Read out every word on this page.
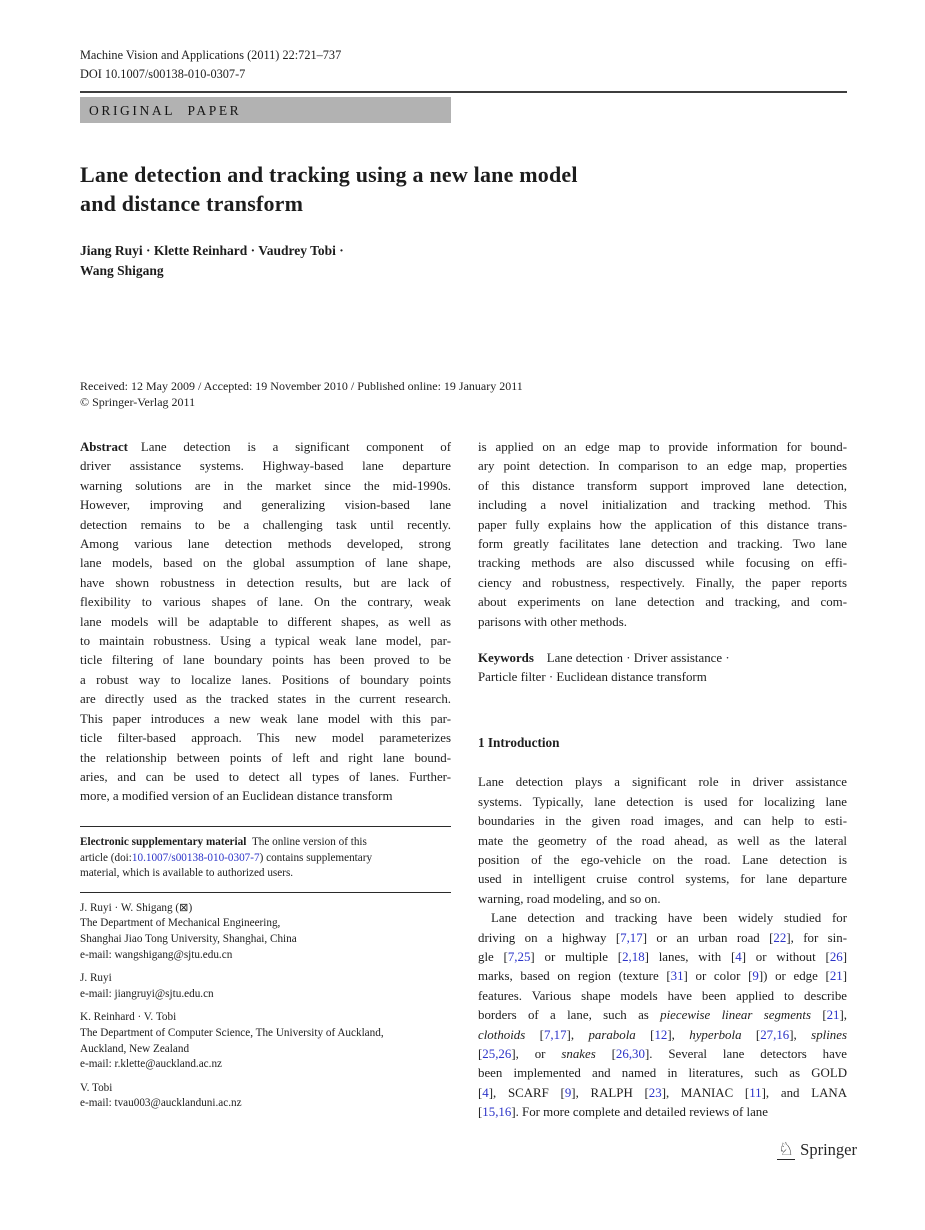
Machine Vision and Applications (2011) 22:721–737
DOI 10.1007/s00138-010-0307-7
ORIGINAL PAPER
Lane detection and tracking using a new lane model
and distance transform
Jiang Ruyi · Klette Reinhard · Vaudrey Tobi ·
Wang Shigang
Received: 12 May 2009 / Accepted: 19 November 2010 / Published online: 19 January 2011
© Springer-Verlag 2011
Abstract Lane detection is a significant component of
driver assistance systems. Highway-based lane departure
warning solutions are in the market since the mid-1990s.
However, improving and generalizing vision-based lane
detection remains to be a challenging task until recently.
Among various lane detection methods developed, strong
lane models, based on the global assumption of lane shape,
have shown robustness in detection results, but are lack of
flexibility to various shapes of lane. On the contrary, weak
lane models will be adaptable to different shapes, as well as
to maintain robustness. Using a typical weak lane model, par-
ticle filtering of lane boundary points has been proved to be
a robust way to localize lanes. Positions of boundary points
are directly used as the tracked states in the current research.
This paper introduces a new weak lane model with this par-
ticle filter-based approach. This new model parameterizes
the relationship between points of left and right lane bound-
aries, and can be used to detect all types of lanes. Further-
more, a modified version of an Euclidean distance transform
is applied on an edge map to provide information for bound-
ary point detection. In comparison to an edge map, properties
of this distance transform support improved lane detection,
including a novel initialization and tracking method. This
paper fully explains how the application of this distance trans-
form greatly facilitates lane detection and tracking. Two lane
tracking methods are also discussed while focusing on effi-
ciency and robustness, respectively. Finally, the paper reports
about experiments on lane detection and tracking, and com-
parisons with other methods.
Keywords Lane detection · Driver assistance ·
Particle filter · Euclidean distance transform
1 Introduction
Lane detection plays a significant role in driver assistance
systems. Typically, lane detection is used for localizing lane
boundaries in the given road images, and can help to esti-
mate the geometry of the road ahead, as well as the lateral
position of the ego-vehicle on the road. Lane detection is
used in intelligent cruise control systems, for lane departure
warning, road modeling, and so on.
Lane detection and tracking have been widely studied for
driving on a highway [7,17] or an urban road [22], for sin-
gle [7,25] or multiple [2,18] lanes, with [4] or without [26]
marks, based on region (texture [31] or color [9]) or edge [21]
features. Various shape models have been applied to describe
borders of a lane, such as piecewise linear segments [21],
clothoids [7,17], parabola [12], hyperbola [27,16], splines
[25,26], or snakes [26,30]. Several lane detectors have
been implemented and named in literatures, such as GOLD
[4], SCARF [9], RALPH [23], MANIAC [11], and LANA
[15,16]. For more complete and detailed reviews of lane
Electronic supplementary material The online version of this
article (doi:10.1007/s00138-010-0307-7) contains supplementary
material, which is available to authorized users.
J. Ruyi · W. Shigang (⊠)
The Department of Mechanical Engineering,
Shanghai Jiao Tong University, Shanghai, China
e-mail: wangshigang@sjtu.edu.cn
J. Ruyi
e-mail: jiangruyi@sjtu.edu.cn
K. Reinhard · V. Tobi
The Department of Computer Science, The University of Auckland,
Auckland, New Zealand
e-mail: r.klette@auckland.ac.nz
V. Tobi
e-mail: tvau003@aucklanduni.ac.nz
♘ Springer
